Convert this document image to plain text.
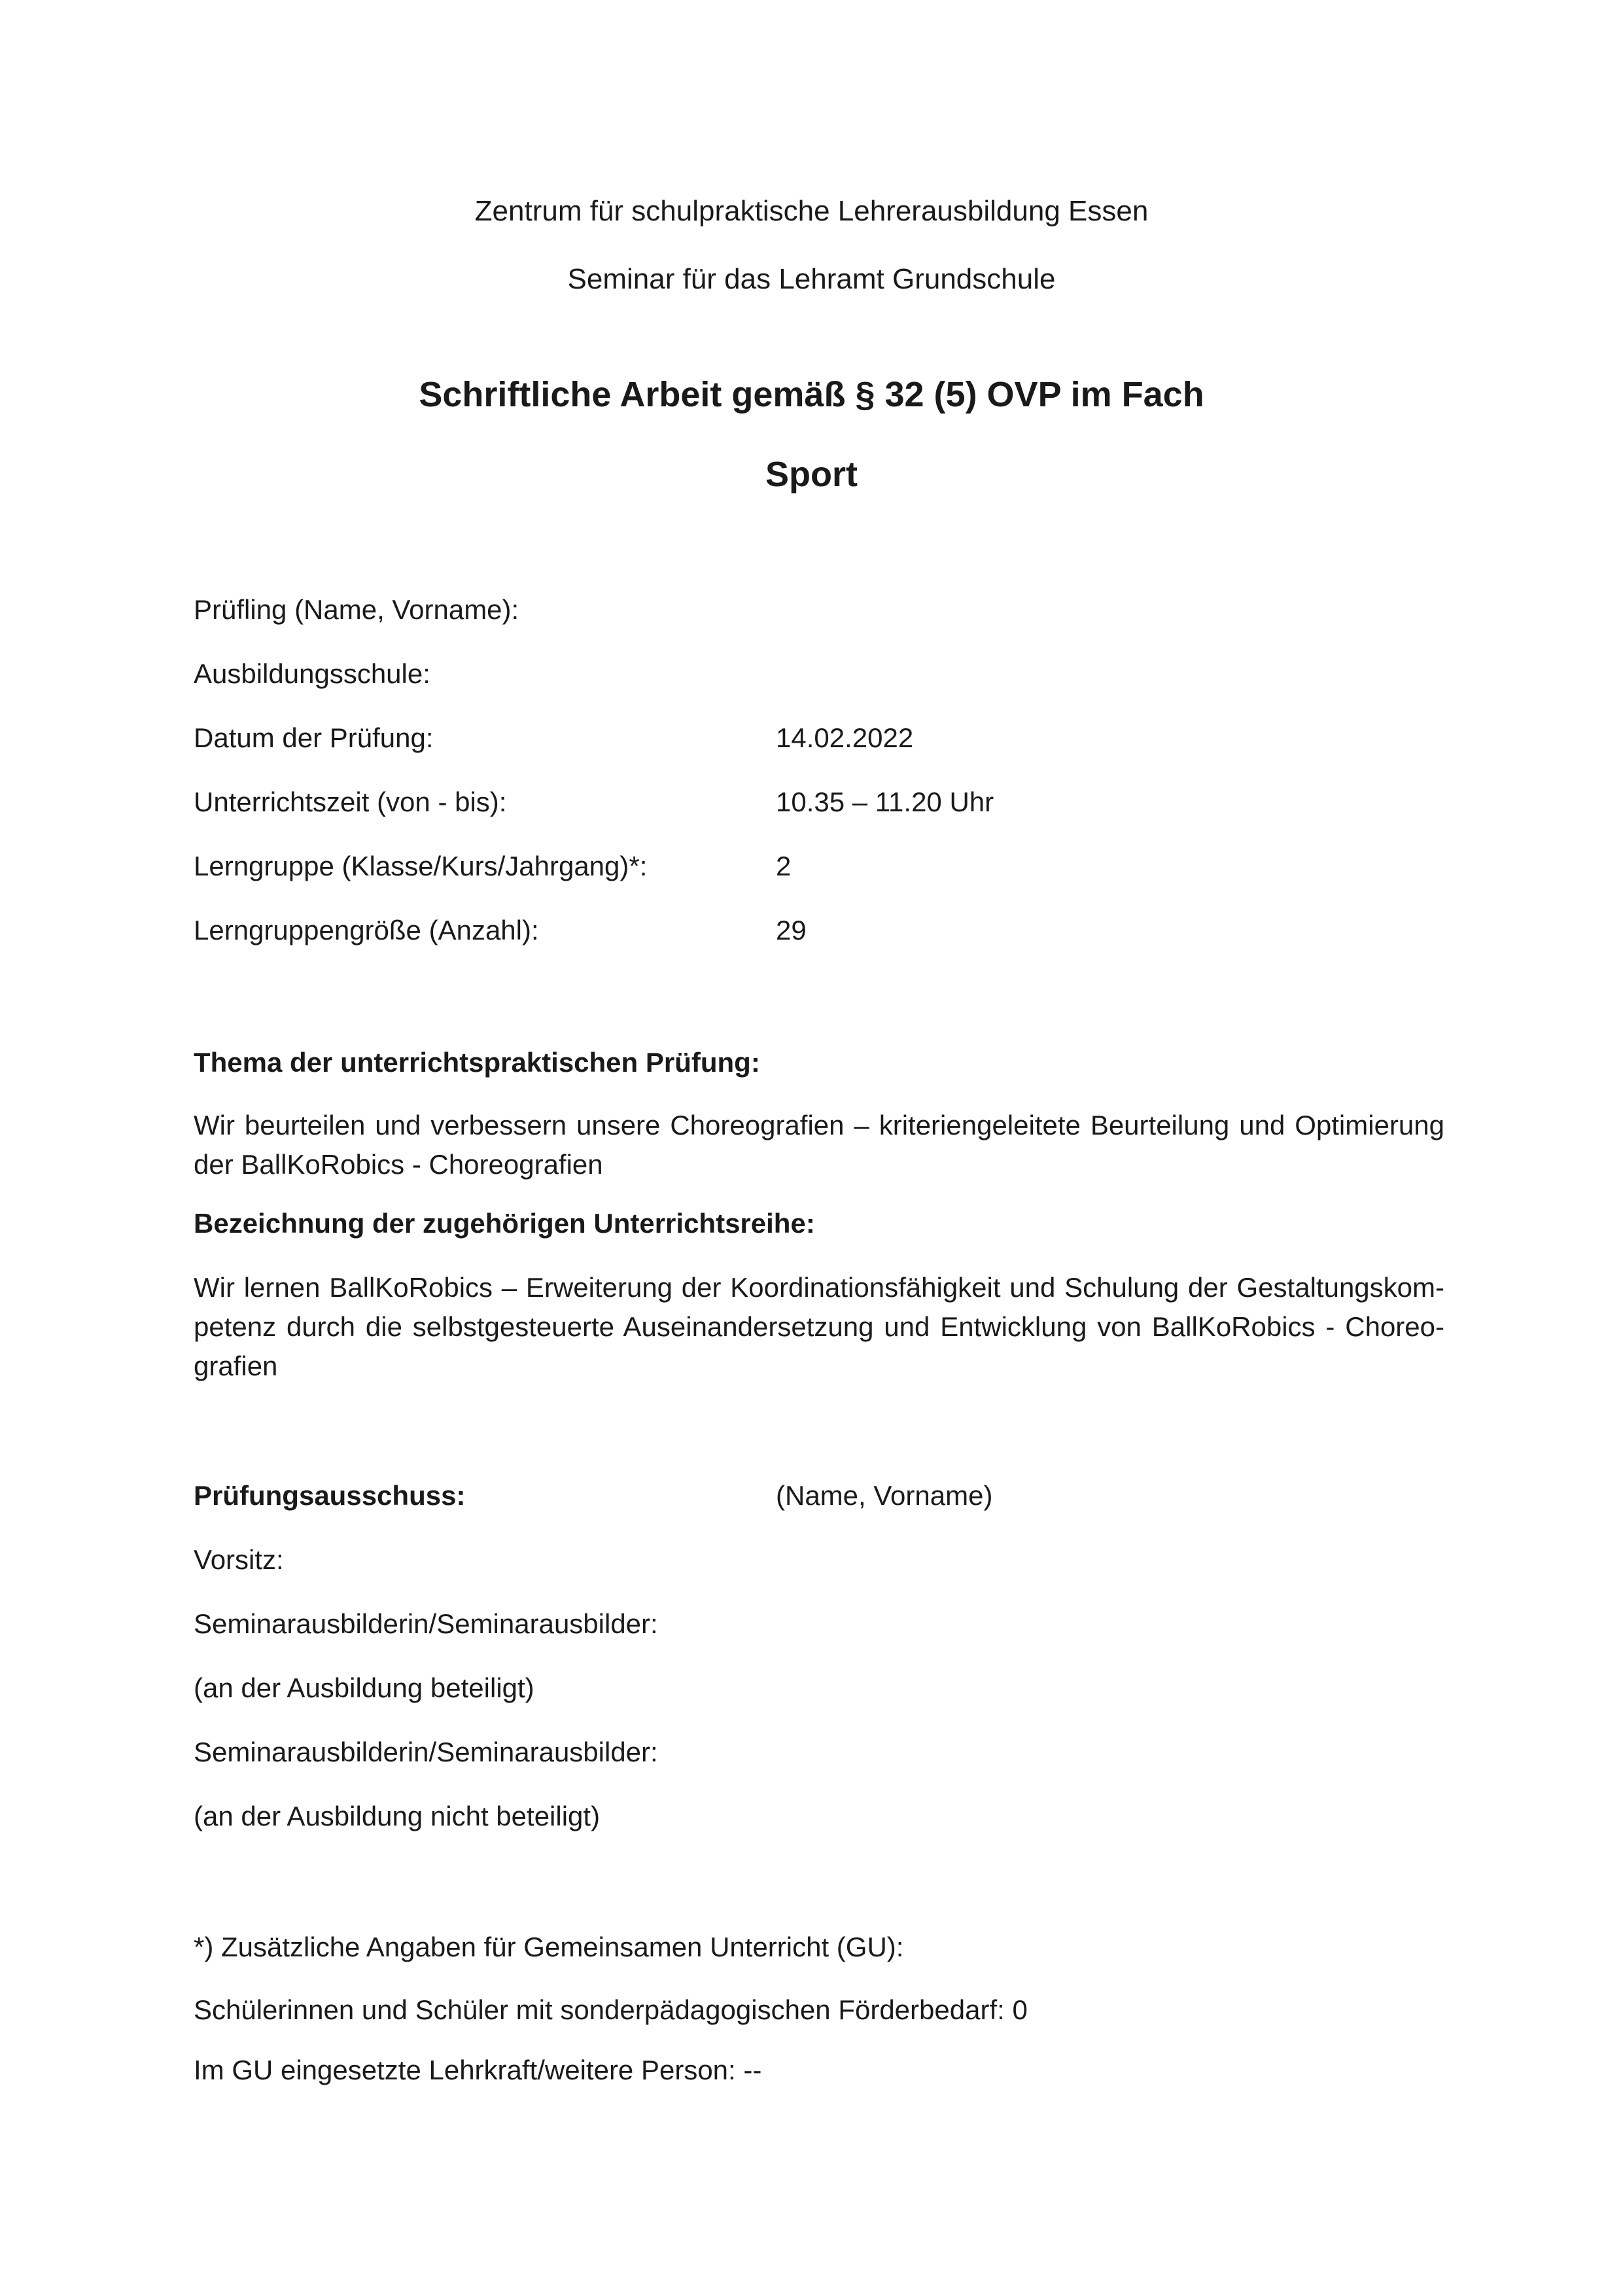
Zentrum für schulpraktische Lehrerausbildung Essen
Seminar für das Lehramt Grundschule
Schriftliche Arbeit gemäß § 32 (5) OVP im Fach
Sport
Prüfling (Name, Vorname):
Ausbildungsschule:
Datum der Prüfung:	14.02.2022
Unterrichtszeit (von - bis):	10.35 – 11.20 Uhr
Lerngruppe (Klasse/Kurs/Jahrgang)*:	2
Lerngruppengröße (Anzahl):	29
Thema der unterrichtspraktischen Prüfung:
Wir beurteilen und verbessern unsere Choreografien – kriteriengeleitete Beurteilung und Optimierung
der BallKoRobics - Choreografien
Bezeichnung der zugehörigen Unterrichtsreihe:
Wir lernen BallKoRobics – Erweiterung der Koordinationsfähigkeit und Schulung der Gestaltungskom-
petenz durch die selbstgesteuerte Auseinandersetzung und Entwicklung von BallKoRobics - Choreo-
grafien
Prüfungsausschuss:	(Name, Vorname)
Vorsitz:
Seminarausbilderin/Seminarausbilder:
(an der Ausbildung beteiligt)
Seminarausbilderin/Seminarausbilder:
(an der Ausbildung nicht beteiligt)
*) Zusätzliche Angaben für Gemeinsamen Unterricht (GU):
Schülerinnen und Schüler mit sonderpädagogischen Förderbedarf: 0
Im GU eingesetzte Lehrkraft/weitere Person: --
